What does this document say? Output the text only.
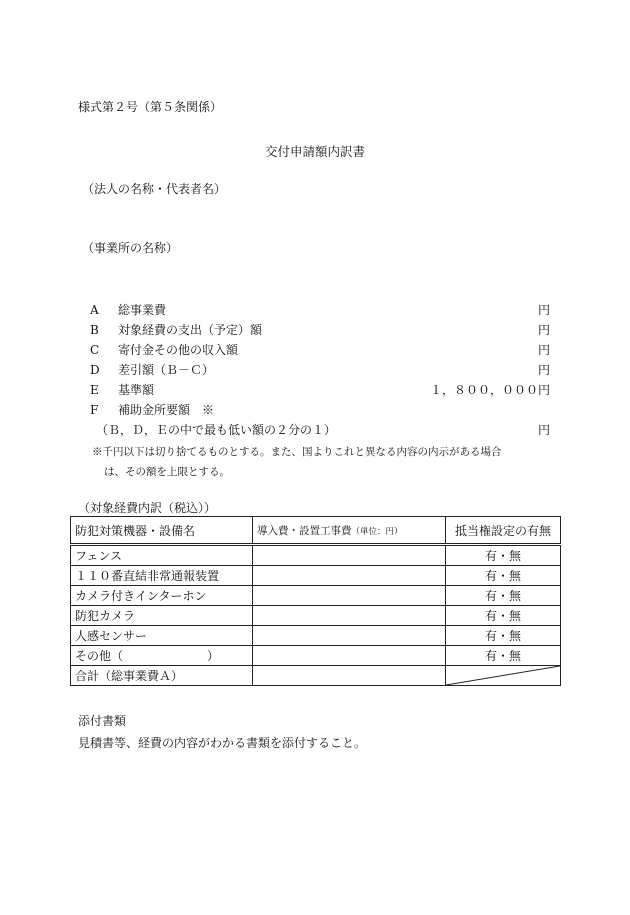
様式第２号（第５条関係）
交付申請額内訳書
（法人の名称・代表者名）
（事業所の名称）
A	総事業費	円
B	対象経費の支出（予定）額	円
C	寄付金その他の収入額	円
D	差引額（Ｂ－Ｃ）	円
E	基準額	１，８００，０００円
F	補助金所要額　※
（Ｂ，Ｄ，Ｅの中で最も低い額の２分の１）	円
※千円以下は切り捨てるものとする。また、国よりこれと異なる内容の内示がある場合
は、その額を上限とする。
（対象経費内訳（税込））
防犯対策機器・設備名	導入費・設置工事費（単位：円）	抵当権設定の有無
フェンス		有・無
１１０番直結非常通報装置		有・無
カメラ付きインターホン		有・無
防犯カメラ		有・無
人感センサー		有・無
その他（　　　　　　　）		有・無
合計（総事業費Ａ）		
添付書類
見積書等、経費の内容がわかる書類を添付すること。
